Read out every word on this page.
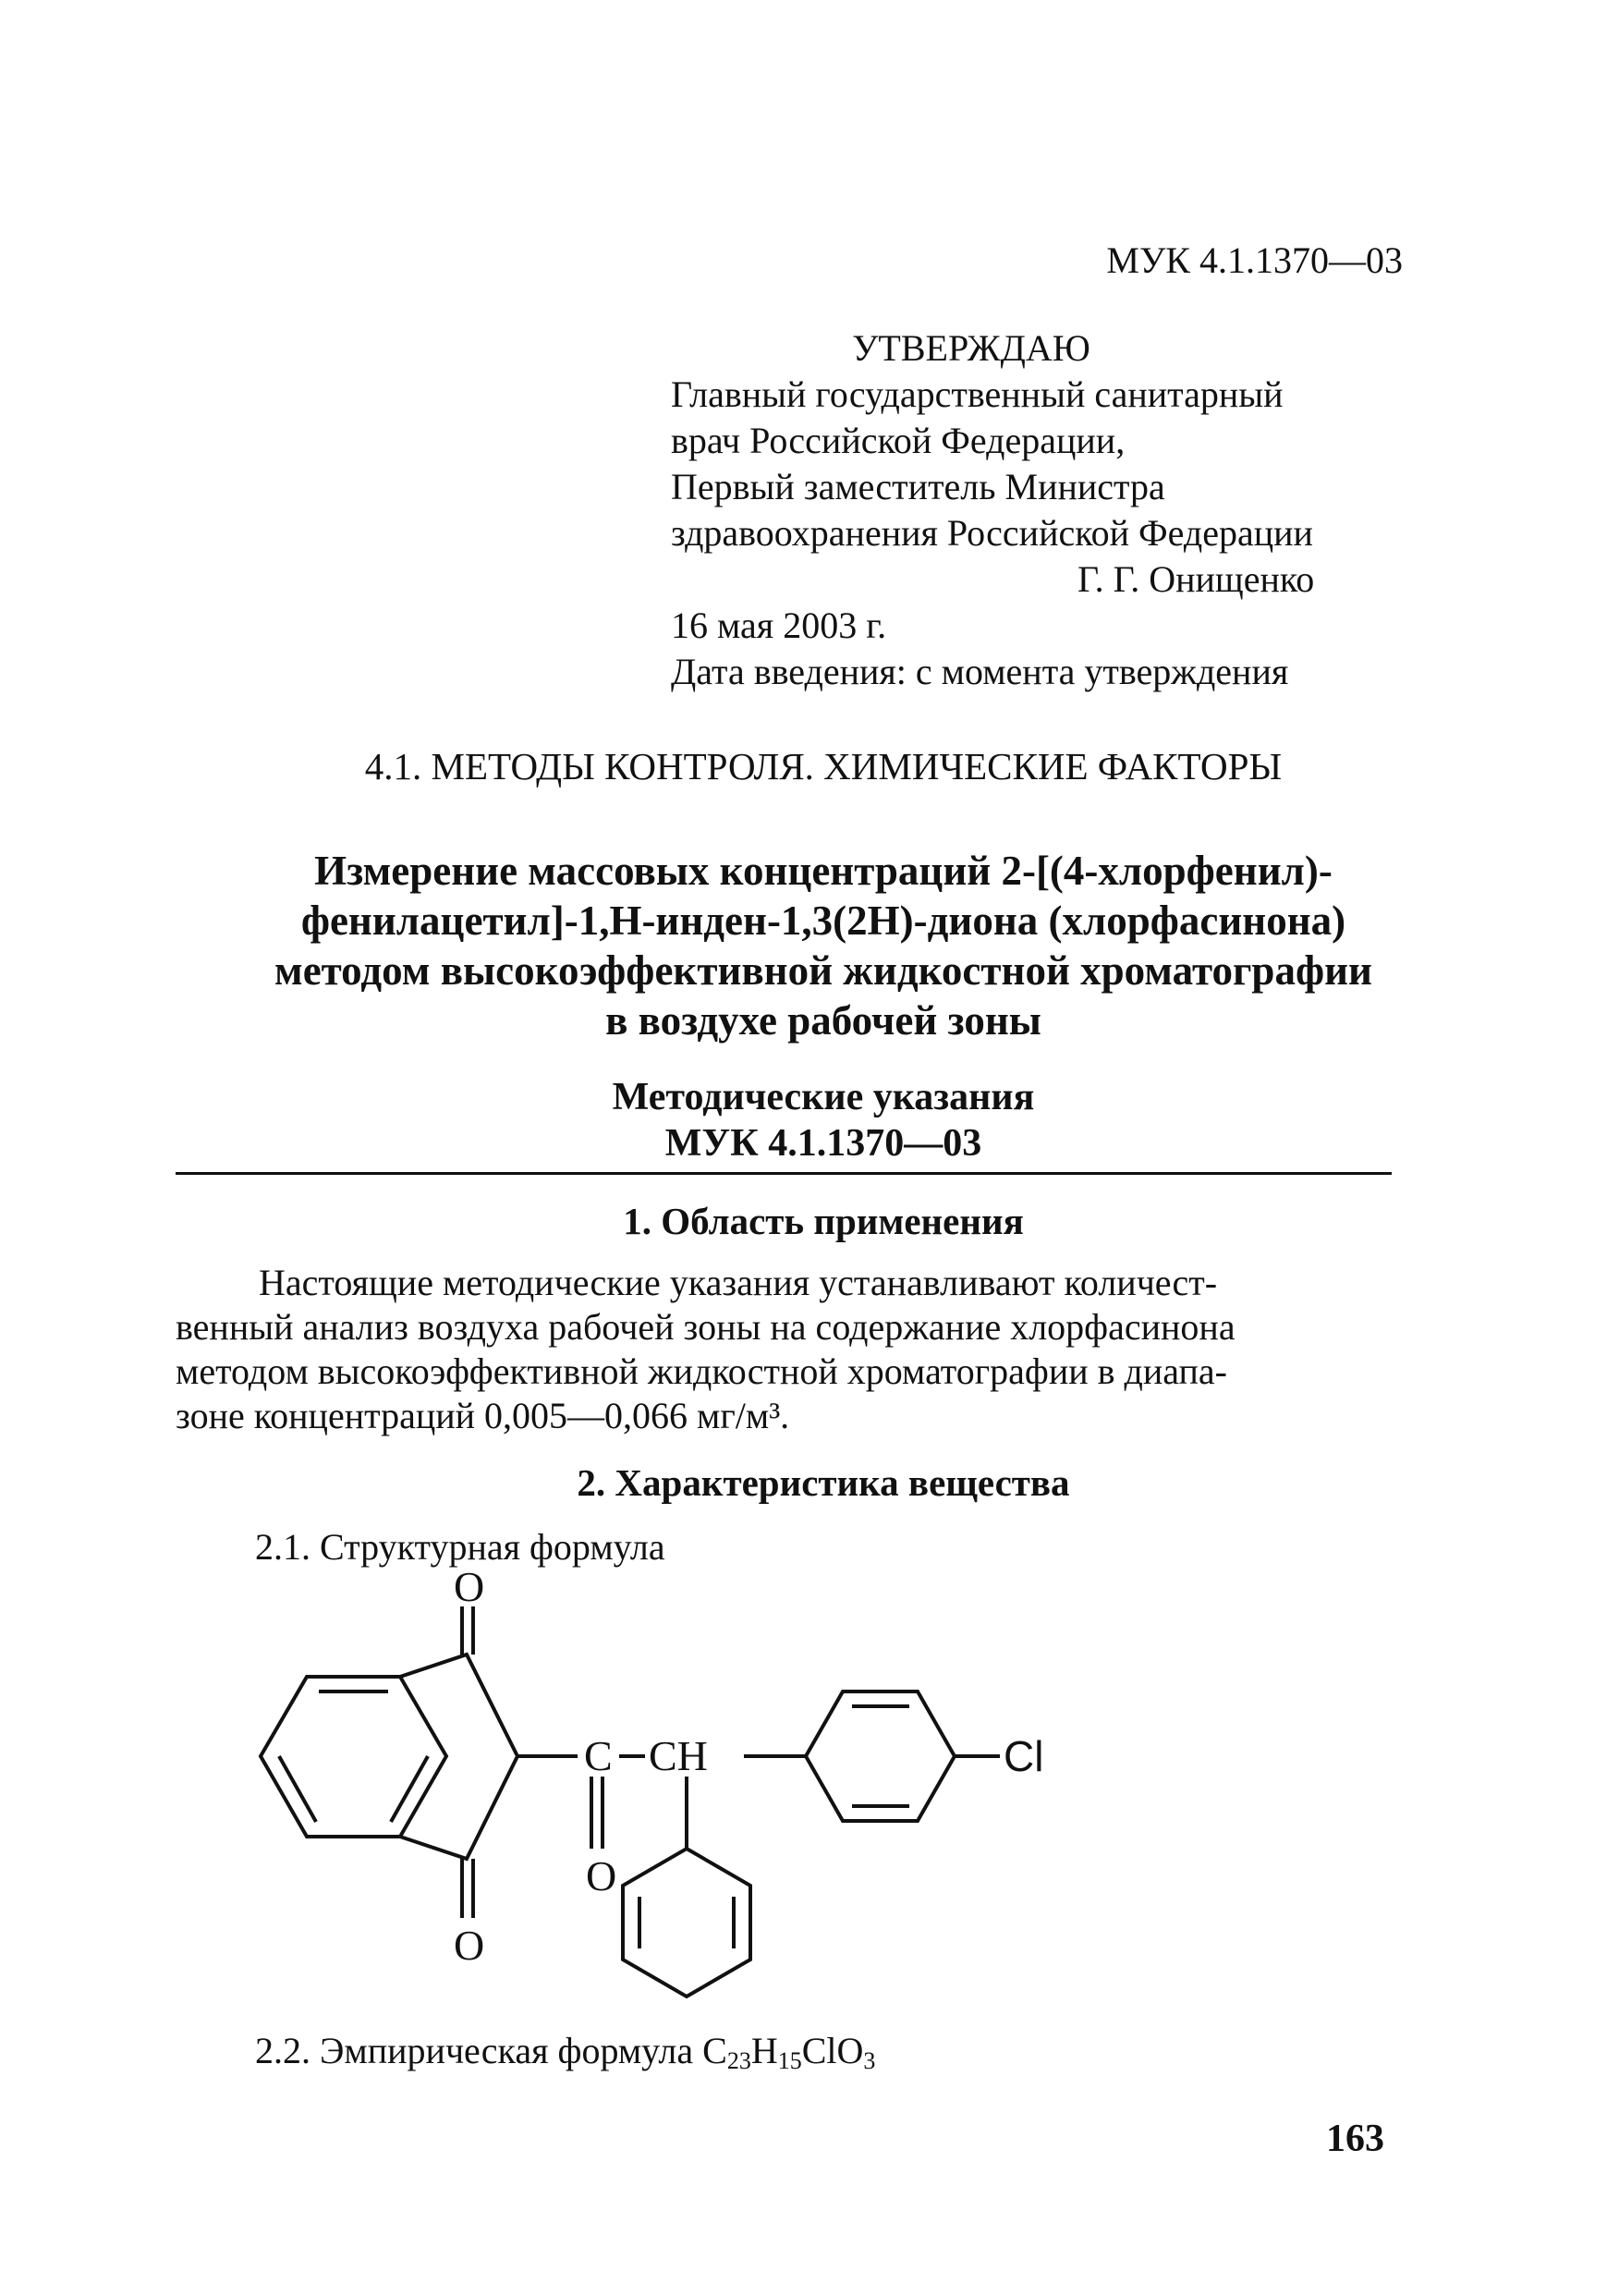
МУК 4.1.1370—03
УТВЕРЖДАЮ
Главный государственный санитарный
врач Российской Федерации,
Первый заместитель Министра
здравоохранения Российской Федерации
Г. Г. Онищенко
16 мая 2003 г.
Дата введения: с момента утверждения
4.1. МЕТОДЫ КОНТРОЛЯ. ХИМИЧЕСКИЕ ФАКТОРЫ
Измерение массовых концентраций 2-[(4-хлорфенил)-
фенилацетил]-1,Н-инден-1,3(2Н)-диона (хлорфасинона)
методом высокоэффективной жидкостной хроматографии
в воздухе рабочей зоны
Методические указания
МУК 4.1.1370—03
1. Область применения

Настоящие методические указания устанавливают количест-

венный анализ воздуха рабочей зоны на содержание хлорфасинона

методом высокоэффективной жидкостной хроматографии в диапа-

зоне концентраций 0,005—0,066 мг/м³.

2. Характеристика вещества
2.1. Структурная формула
O
O
C CH
O
Cl
2.2. Эмпирическая формула $C_{23}H_{15}ClO_3$
163
